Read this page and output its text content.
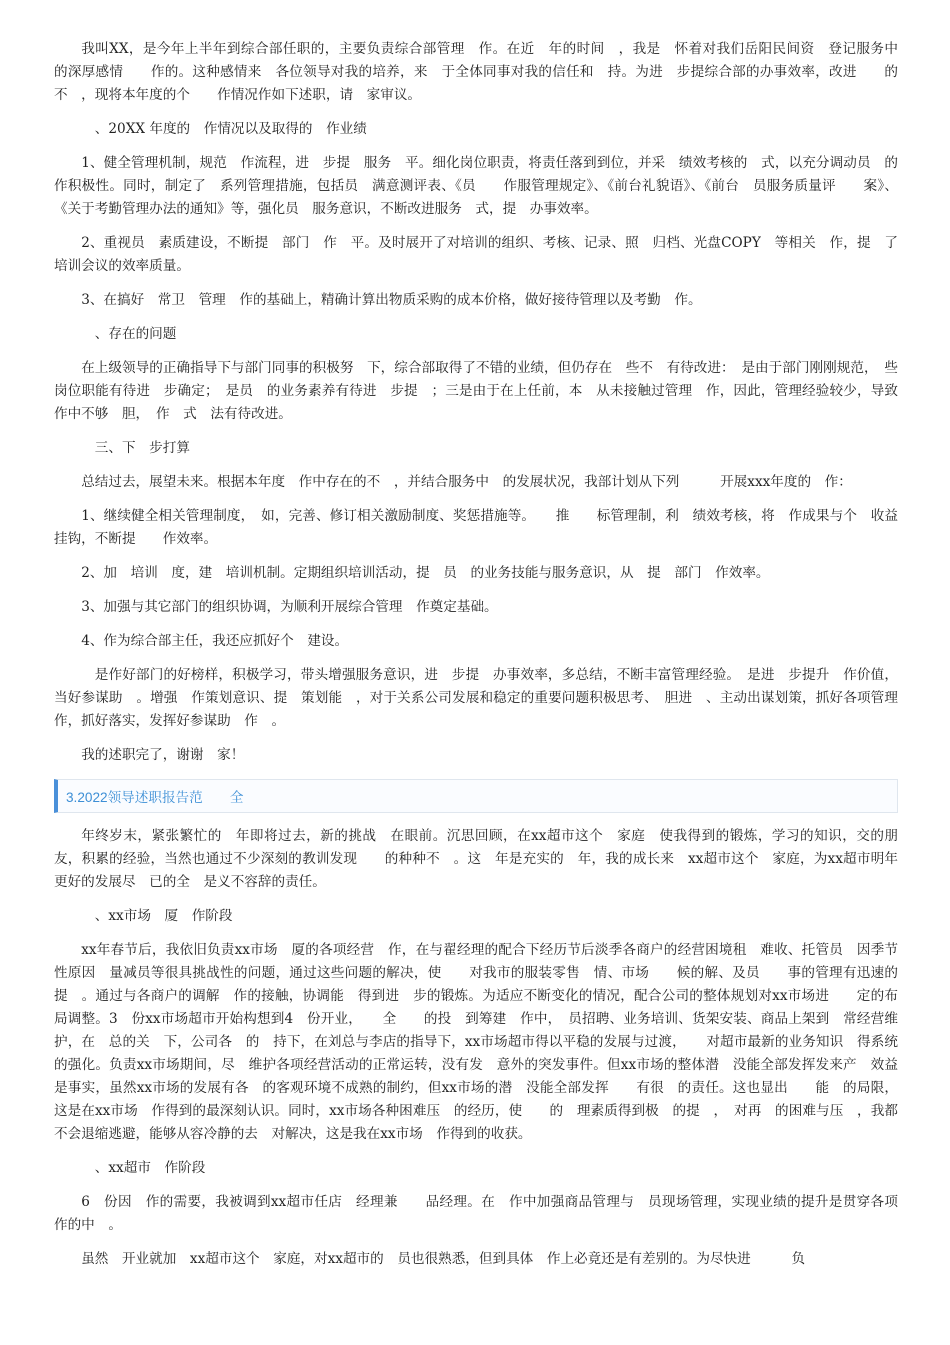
我叫XX，是今年上半年到综合部任职的，主要负责综合部管理　作。在近　年的时间　，我是　怀着对我们岳阳民间资　登记服务中　的深厚感情　　作的。这种感情来　各位领导对我的培养，来　于全体同事对我的信任和　持。为进　步提综合部的办事效率，改进　　的不　，现将本年度的个　　作情况作如下述职，请　家审议。

、20XX 年度的　作情况以及取得的　作业绩

1、健全管理机制，规范　作流程，进　步提　服务　平。细化岗位职责，将责任落到到位，并采　绩效考核的　式，以充分调动员　的　作积极性。同时，制定了　系列管理措施，包括员　满意测评表、《员　　作服管理规定》、《前台礼貌语》、《前台　员服务质量评　　案》、《关于考勤管理办法的通知》等，强化员　服务意识，不断改进服务　式，提　办事效率。

2、重视员　素质建设，不断提　部门　作　平。及时展开了对培训的组织、考核、记录、照　归档、光盘COPY　等相关　作，提　了培训会议的效率质量。

3、在搞好　常卫　管理　作的基础上，精确计算出物质采购的成本价格，做好接待管理以及考勤　作。

、存在的问题

在上级领导的正确指导下与部门同事的积极努　下，综合部取得了不错的业绩，但仍存在　些不　有待改进：　是由于部门刚刚规范，　些岗位职能有待进　步确定；　是员　的业务素养有待进　步提　；三是由于在上任前，本　从未接触过管理　作，因此，管理经验较少，导致　作中不够　胆，　作　式　法有待改进。

三、下　步打算

总结过去，展望未来。根据本年度　作中存在的不　，并结合服务中　的发展状况，我部计划从下列　　　开展xxx年度的　作：

1、继续健全相关管理制度，　如，完善、修订相关激励制度、奖惩措施等。　　推　　标管理制，利　绩效考核，将　作成果与个　收益挂钩，不断提　　作效率。

2、加　培训　度，建　培训机制。定期组织培训活动，提　员　的业务技能与服务意识，从　提　部门　作效率。

3、加强与其它部门的组织协调，为顺利开展综合管理　作奠定基础。

4、作为综合部主任，我还应抓好个　建设。

是作好部门的好榜样，积极学习，带头增强服务意识，进　步提　办事效率，多总结，不断丰富管理经验。　是进　步提升　作价值，当好参谋助　。增强　作策划意识、提　策划能　，对于关系公司发展和稳定的重要问题积极思考、　胆进　、主动出谋划策，抓好各项管理　作，抓好落实，发挥好参谋助　作　。

我的述职完了，谢谢　家！

3.2022领导述职报告范　　全

年终岁末，紧张繁忙的　年即将过去，新的挑战　在眼前。沉思回顾，在xx超市这个　家庭　使我得到的锻炼，学习的知识，交的朋友，积累的经验，当然也通过不少深刻的教训发现　　的种种不　。这　年是充实的　年，我的成长来　xx超市这个　家庭，为xx超市明年更好的发展尽　已的全　是义不容辞的责任。

、xx市场　厦　作阶段

xx年春节后，我依旧负责xx市场　厦的各项经营　作，在与翟经理的配合下经历节后淡季各商户的经营困境租　难收、托管员　因季节性原因　量减员等很具挑战性的问题，通过这些问题的解决，使　　对我市的服装零售　情、市场　　候的解、及员　　事的管理有迅速的提　。通过与各商户的调解　作的接触，协调能　得到进　步的锻炼。为适应不断变化的情况，配合公司的整体规划对xx市场进　　定的布局调整。3　份xx市场超市开始构想到4　份开业，　　全　　的投　到筹建　作中，　员招聘、业务培训、货架安装、商品上架到　常经营维护，在　总的关　下，公司各　的　持下，在刘总与李店的指导下，xx市场超市得以平稳的发展与过渡，　　对超市最新的业务知识　得系统的强化。负责xx市场期间，尽　维护各项经营活动的正常运转，没有发　意外的突发事件。但xx市场的整体潜　没能全部发挥发来产　效益是事实，虽然xx市场的发展有各　的客观环境不成熟的制约，但xx市场的潜　没能全部发挥　　有很　的责任。这也显出　　能　的局限，这是在xx市场　作得到的最深刻认识。同时，xx市场各种困难压　的经历，使　　的　理素质得到极　的提　，　对再　的困难与压　，我都不会退缩逃避，能够从容冷静的去　对解决，这是我在xx市场　作得到的收获。

、xx超市　作阶段

6　份因　作的需要，我被调到xx超市任店　经理兼　　品经理。在　作中加强商品管理与　员现场管理，实现业绩的提升是贯穿各项　作的中　。

虽然　开业就加　xx超市这个　家庭，对xx超市的　员也很熟悉，但到具体　作上必竟还是有差别的。为尽快进　　　负
